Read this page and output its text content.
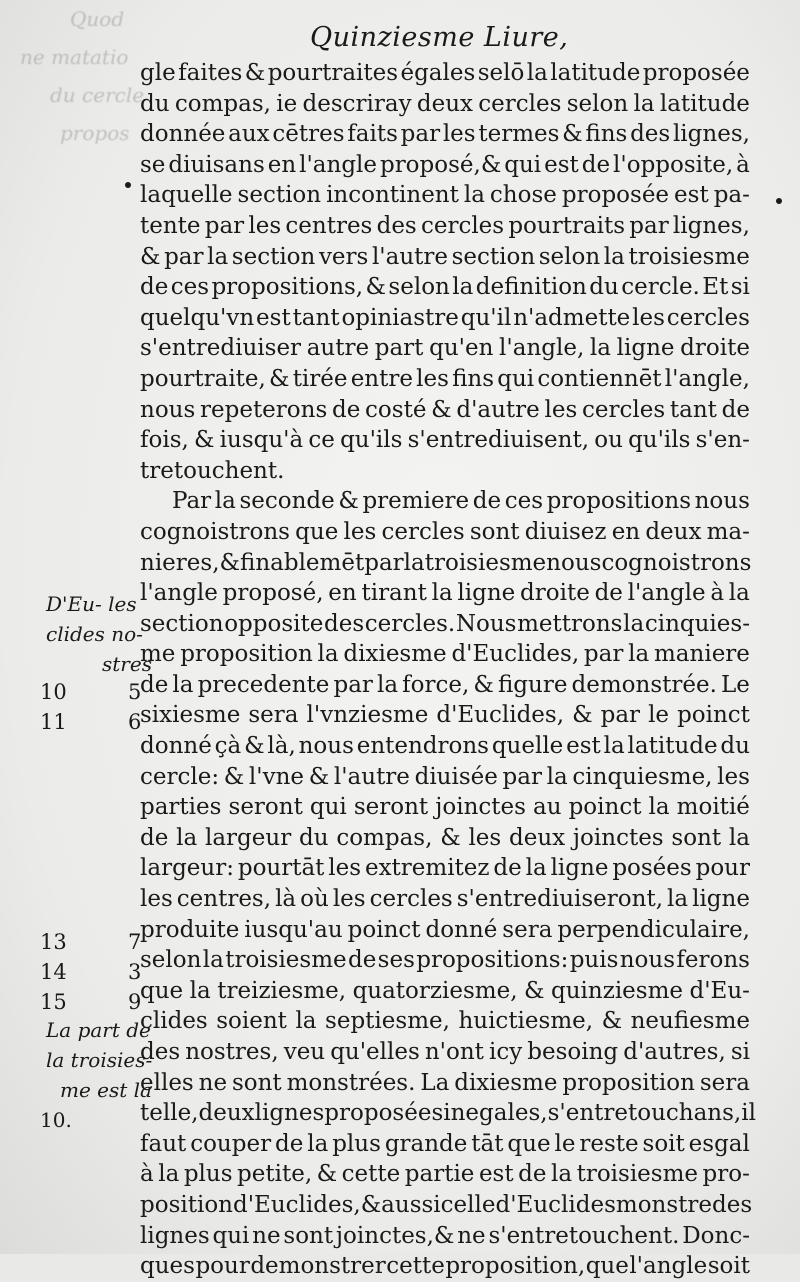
Quod
ne matatio
du cercle
propos
Quinziesme Liure,
gle faites & pourtraites égales selō la latitude proposée
du compas, ie descriray deux cercles selon la latitude
donnée aux cētres faits par les termes & fins des lignes,
se diuisans en l'angle proposé,& qui est de l'opposite, à
laquelle section incontinent la chose proposée est pa-
tente par les centres des cercles pourtraits par lignes,
& par la section vers l'autre section selon la troisiesme
de ces propositions, & selon la definition du cercle. Et si
quelqu'vn est tant opiniastre qu'il n'admette les cercles
s'entrediuiser autre part qu'en l'angle, la ligne droite
pourtraite, & tirée entre les fins qui contiennēt l'angle,
nous repeterons de costé & d'autre les cercles tant de
fois, & iusqu'à ce qu'ils s'entrediuisent, ou qu'ils s'en-
tretouchent.
Par la seconde & premiere de ces propositions nous
cognoistrons que les cercles sont diuisez en deux ma-
nieres,& finablemēt par la troisiesme nous cognoistrons
l'angle proposé, en tirant la ligne droite de l'angle à la
section opposite des cercles. Nous mettrons la cinquies-
me proposition la dixiesme d'Euclides, par la maniere
de la precedente par la force, & figure demonstrée. Le
sixiesme sera l'vnziesme d'Euclides, & par le poinct
donné çà & là, nous entendrons quelle est la latitude du
cercle: & l'vne & l'autre diuisée par la cinquiesme, les
parties seront qui seront joinctes au poinct la moitié
de la largeur du compas, & les deux joinctes sont la
largeur: pourtāt les extremitez de la ligne posées pour
les centres, là où les cercles s'entrediuiseront, la ligne
produite iusqu'au poinct donné sera perpendiculaire,
selon la troisiesme de ses propositions: puis nous ferons
que la treiziesme, quatorziesme, & quinziesme d'Eu-
clides soient la septiesme, huictiesme, & neufiesme
des nostres, veu qu'elles n'ont icy besoing d'autres, si
elles ne sont monstrées. La dixiesme proposition sera
telle, deux lignes proposées inegales, s'entretouchans, il
faut couper de la plus grande tāt que le reste soit esgal
à la plus petite, & cette partie est de la troisiesme pro-
position d'Euclides,& aussi celle d'Euclides monstre des
lignes qui ne sont joinctes,& ne s'entretouchent. Donc-
ques pour demonstrer cette proposition, que l'angle soit
D'Eu- les
clides no-
stres
10	5
11	6
13	7
14	3
15	9
La part de
la troisies-
me est la
10.
